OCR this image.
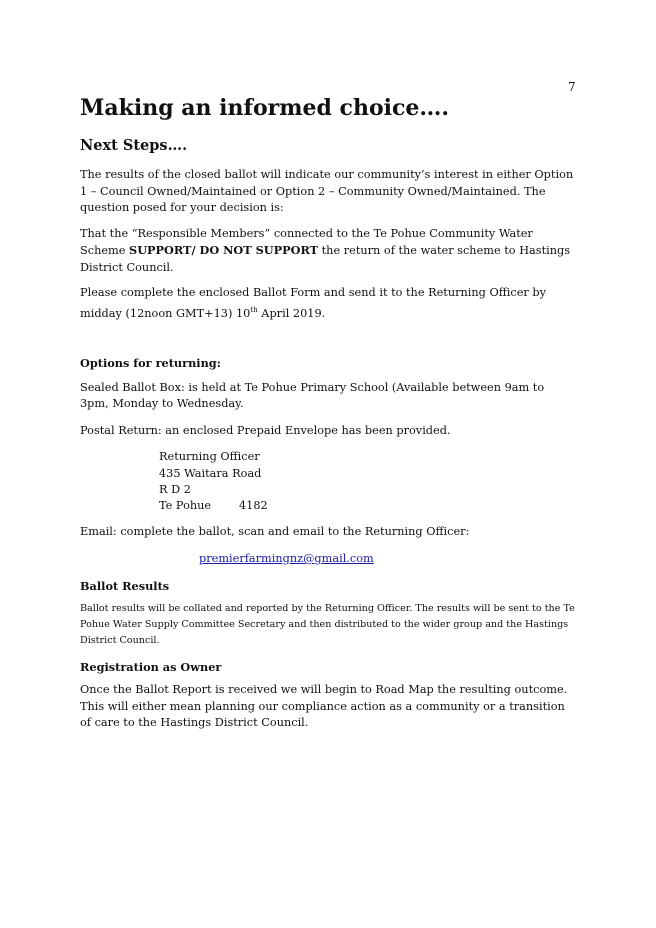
7
Making an informed choice….
Next Steps….

The results of the closed ballot will indicate our community’s interest in either Option 1 – Council Owned/Maintained or Option 2 – Community Owned/Maintained. The question posed for your decision is:

That the “Responsible Members” connected to the Te Pohue Community Water Scheme SUPPORT/ DO NOT SUPPORT the return of the water scheme to Hastings District Council.

Please complete the enclosed Ballot Form and send it to the Returning Officer by midday (12noon GMT+13) 10th April 2019.

Options for returning:

Sealed Ballot Box: is held at Te Pohue Primary School (Available between 9am to 3pm, Monday to Wednesday.

Postal Return: an enclosed Prepaid Envelope has been provided.

Returning Officer
435 Waitara Road
R D 2
Te Pohue 4182

Email: complete the ballot, scan and email to the Returning Officer:

premierfarmingnz@gmail.com
Ballot Results

Ballot results will be collated and reported by the Returning Officer. The results will be sent to the Te Pohue Water Supply Committee Secretary and then distributed to the wider group and the Hastings District Council.

Registration as Owner

Once the Ballot Report is received we will begin to Road Map the resulting outcome. This will either mean planning our compliance action as a community or a transition of care to the Hastings District Council.
